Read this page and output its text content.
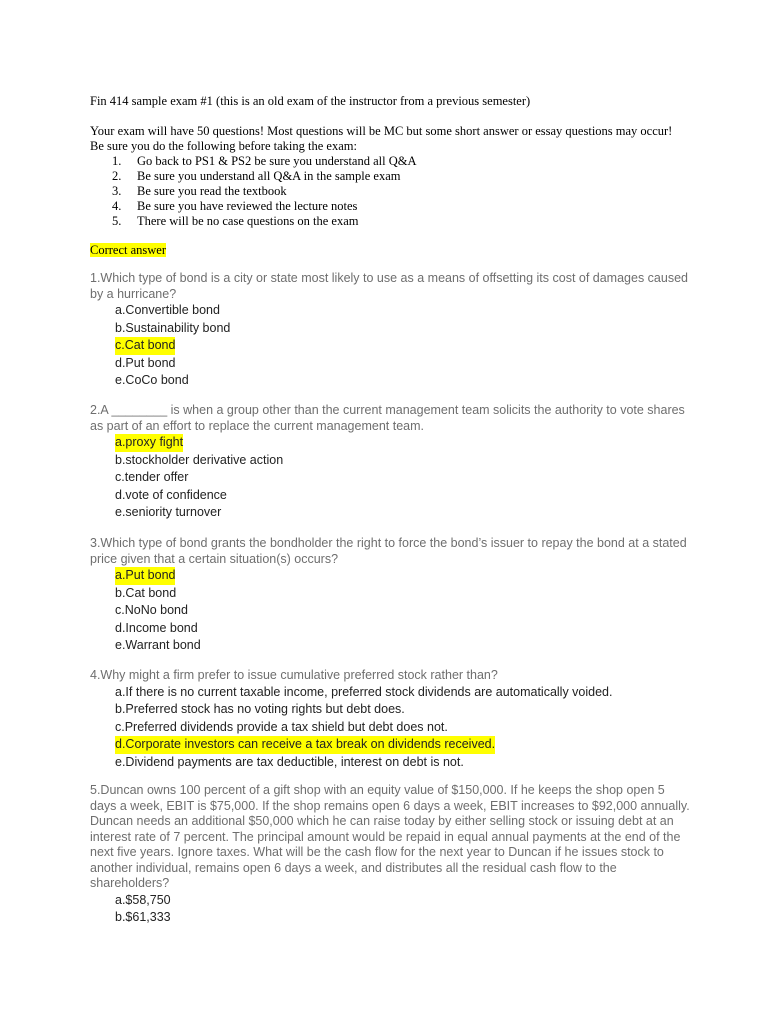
Fin 414 sample exam #1 (this is an old exam of the instructor from a previous semester)

Your exam will have 50 questions! Most questions will be MC but some short answer or essay questions may occur!

Be sure you do the following before taking the exam:

1. Go back to PS1 & PS2 be sure you understand all Q&A
2. Be sure you understand all Q&A in the sample exam
3. Be sure you read the textbook
4. Be sure you have reviewed the lecture notes
5. There will be no case questions on the exam
Correct answer

1.Which type of bond is a city or state most likely to use as a means of offsetting its cost of damages caused by a hurricane?

a.Convertible bond
b.Sustainability bond
c.Cat bond
d.Put bond
e.CoCo bond

2.A ________ is when a group other than the current management team solicits the authority to vote shares as part of an effort to replace the current management team.

a.proxy fight
b.stockholder derivative action
c.tender offer
d.vote of confidence
e.seniority turnover

3.Which type of bond grants the bondholder the right to force the bond’s issuer to repay the bond at a stated price given that a certain situation(s) occurs?

a.Put bond
b.Cat bond
c.NoNo bond
d.Income bond
e.Warrant bond

4.Why might a firm prefer to issue cumulative preferred stock rather than?

a.If there is no current taxable income, preferred stock dividends are automatically voided.
b.Preferred stock has no voting rights but debt does.
c.Preferred dividends provide a tax shield but debt does not.
d.Corporate investors can receive a tax break on dividends received.
e.Dividend payments are tax deductible, interest on debt is not.

5.Duncan owns 100 percent of a gift shop with an equity value of $150,000. If he keeps the shop open 5 days a week, EBIT is $75,000. If the shop remains open 6 days a week, EBIT increases to $92,000 annually. Duncan needs an additional $50,000 which he can raise today by either selling stock or issuing debt at an interest rate of 7 percent. The principal amount would be repaid in equal annual payments at the end of the next five years. Ignore taxes. What will be the cash flow for the next year to Duncan if he issues stock to another individual, remains open 6 days a week, and distributes all the residual cash flow to the shareholders?

a.$58,750
b.$61,333
